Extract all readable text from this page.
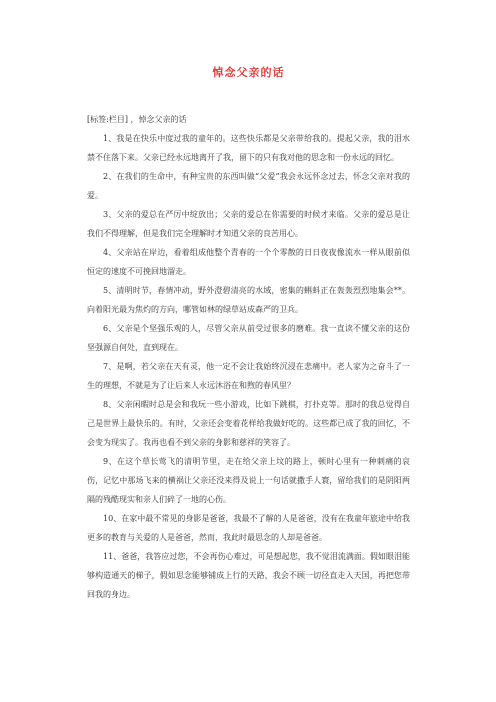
悼念父亲的话

[标签:栏目] ，悼念父亲的话

1、我是在快乐中度过我的童年的。这些快乐都是父亲带给我的。提起父亲，我的泪水禁不住落下来。父亲已经永远地离开了我，留下的只有我对他的思念和一份永远的回忆。

2、在我们的生命中，有种宝贵的东西叫做“父爱”我会永远怀念过去，怀念父亲对我的爱。

3、父亲的爱总在严厉中绽放出；父亲的爱总在你需要的时候才来临。父亲的爱总是让我们不得理解，但是我们完全理解时才知道父亲的良苦用心。

4、父亲站在岸边，看着组成他整个青春的一个个零散的日日夜夜像流水一样从眼前似恒定的速度不可挽回地溜走。

5、清明时节，春情冲动，野外澄碧清亮的水域，密集的蝌蚪正在轰轰烈烈地集会**。向着阳光最为焦灼的方向，哪管如林的绿草站成森严的卫兵。

6、父亲是个坚强乐观的人，尽管父亲从前受过很多的磨难。我一直读不懂父亲的这份坚强源自何处，直到现在。

7、是啊，若父亲在天有灵，他一定不会让我始终沉浸在悲痛中。老人家为之奋斗了一生的理想，不就是为了让后来人永远沐浴在和煦的春风里？

8、父亲闲暇时总是会和我玩一些小游戏，比如下跳棋，打扑克等。那时的我总觉得自己是世界上最快乐的。有时，父亲还会变着花样给我做好吃的。这些都已成了我的回忆，不会变为现实了。我再也看不到父亲的身影和慈祥的笑容了。

9、在这个草长莺飞的清明节里，走在给父亲上坟的路上，顿时心里有一种刺痛的哀伤，记忆中那场飞来的横祸让父亲还没来得及说上一句话就撒手人寰，留给我们的是阴阳两隔的残酷现实和亲人们碎了一地的心伤。

10、在家中最不常见的身影是爸爸，我最不了解的人是爸爸，没有在我童年旅途中给我更多的教育与关爱的人是爸爸，然而，我此时最思念的人却是爸爸。

11、爸爸，我答应过您，不会再伤心难过，可是想起您，我不觉泪流满面。假如眼泪能够构造通天的梯子，假如思念能够铺成上行的天路，我会不顾一切径直走入天国，再把您带回我的身边。
